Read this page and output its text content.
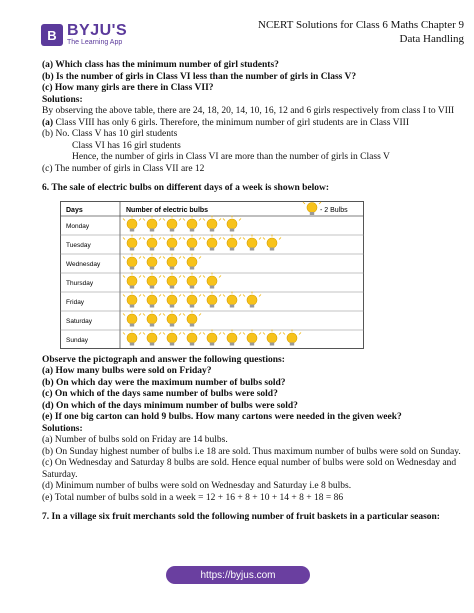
B BYJU'S
The Learning App
NCERT Solutions for Class 6 Maths Chapter 9
Data Handling

(a) Which class has the minimum number of girl students?

(b) Is the number of girls in Class VI less than the number of girls in Class V?

(c) How many girls are there in Class VII?

Solutions:

By observing the above table, there are 24, 18, 20, 14, 10, 16, 12 and 6 girls respectively from class I to VIII

(a) Class VIII has only 6 girls. Therefore, the minimum number of girl students are in Class VIII

(b) No. Class V has 10 girl students

Class VI has 16 girl students

Hence, the number of girls in Class VI are more than the number of girls in Class V

(c) The number of girls in Class VII are 12

6. The sale of electric bulbs on different days of a week is shown below:

Days	Number of electric bulbs	- 2 Bulbs
Monday
Tuesday
Wednesday
Thursday
Friday
Saturday
Sunday

Observe the pictograph and answer the following questions:

(a) How many bulbs were sold on Friday?

(b) On which day were the maximum number of bulbs sold?

(c) On which of the days same number of bulbs were sold?

(d) On which of the days minimum number of bulbs were sold?

(e) If one big carton can hold 9 bulbs. How many cartons were needed in the given week?

Solutions:

(a) Number of bulbs sold on Friday are 14 bulbs.

(b) On Sunday highest number of bulbs i.e 18 are sold. Thus maximum number of bulbs were sold on Sunday.

(c) On Wednesday and Saturday 8 bulbs are sold. Hence equal number of bulbs were sold on Wednesday and Saturday.

(d) Minimum number of bulbs were sold on Wednesday and Saturday i.e 8 bulbs.

(e) Total number of bulbs sold in a week = 12 + 16 + 8 + 10 + 14 + 8 + 18 = 86

7. In a village six fruit merchants sold the following number of fruit baskets in a particular season:

https://byjus.com
